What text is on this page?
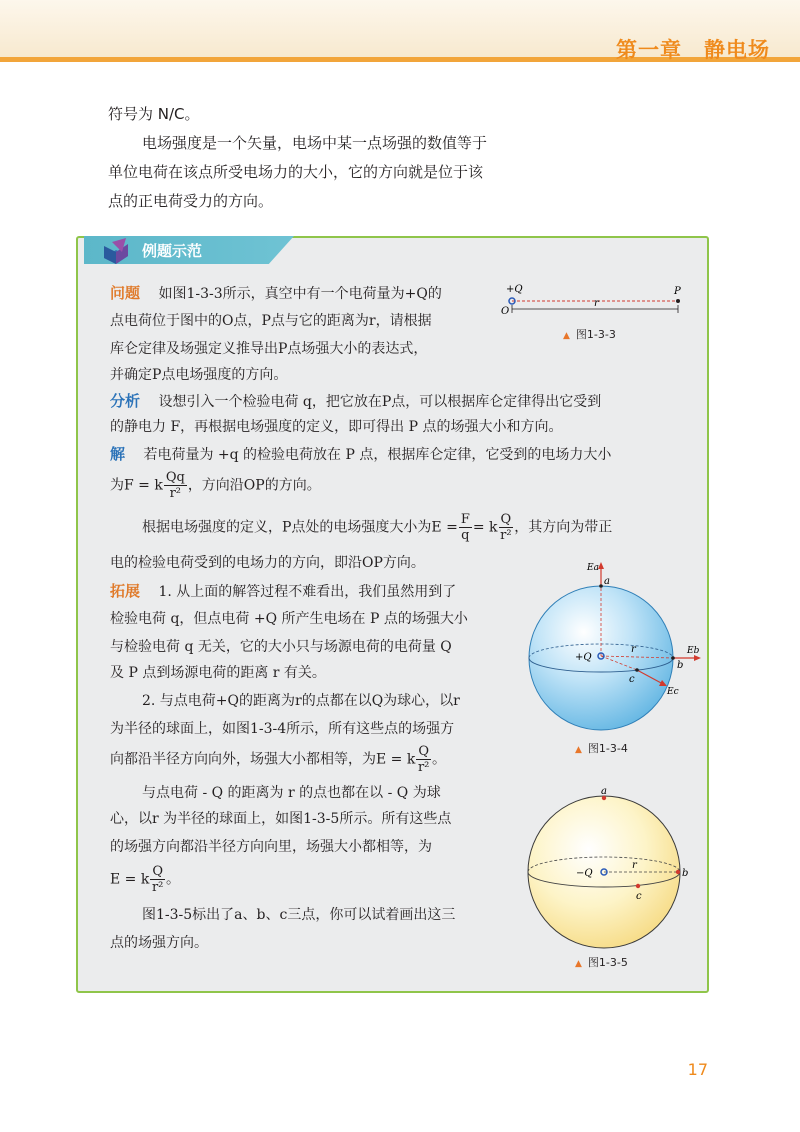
第一章　静电场
符号为 N/C。
电场强度是一个矢量，电场中某一点场强的数值等于
单位电荷在该点所受电场力的大小，它的方向就是位于该
点的正电荷受力的方向。
例题示范
问题　 如图1-3-3所示，真空中有一个电荷量为+Q的
点电荷位于图中的O点，P点与它的距离为r，请根据
库仑定律及场强定义推导出P点场强大小的表达式，
并确定P点电场强度的方向。
+Q
O
P
r
▲ 图1-3-3
分析　 设想引入一个检验电荷 q，把它放在P点，可以根据库仑定律得出它受到
的静电力 F，再根据电场强度的定义，即可得出 P 点的场强大小和方向。
解　 若电荷量为 +q 的检验电荷放在 P 点，根据库仑定律，它受到的电场力大小
为F = k $\frac{Qq}{\text{r²}}$ ，方向沿OP的方向。
根据电场强度的定义，P点处的电场强度大小为$E = \frac{F}{q} = k \frac{Q}{\text{r²}}$ ，其方向为带正
电的检验电荷受到的电场力的方向，即沿OP方向。
拓展　 1. 从上面的解答过程不难看出，我们虽然用到了
检验电荷 q，但点电荷 +Q 所产生电场在 P 点的场强大小
与检验电荷 q 无关，它的大小只与场源电荷的电荷量 Q
及 P 点到场源电荷的距离 r 有关。
2. 与点电荷+Q的距离为r的点都在以Q为球心，以r
为半径的球面上，如图1-3-4所示，所有这些点的场强方
向都沿半径方向向外，场强大小都相等，为E = k $\frac{Q}{\text{r²}}$ 。
与点电荷 - Q 的距离为 r 的点也都在以 - Q 为球
心，以r 为半径的球面上，如图1-3-5所示。所有这些点
的场强方向都沿半径方向向里，场强大小都相等，为
E = k $\frac{Q}{\text{r²}}$ 。
图1-3-5标出了a、b、c三点，你可以试着画出这三
点的场强方向。
+Q
r
a
b
c
Ea
Eb
Ec
▲ 图1-3-4
−Q
r
a
b
c
▲ 图1-3-5
17
